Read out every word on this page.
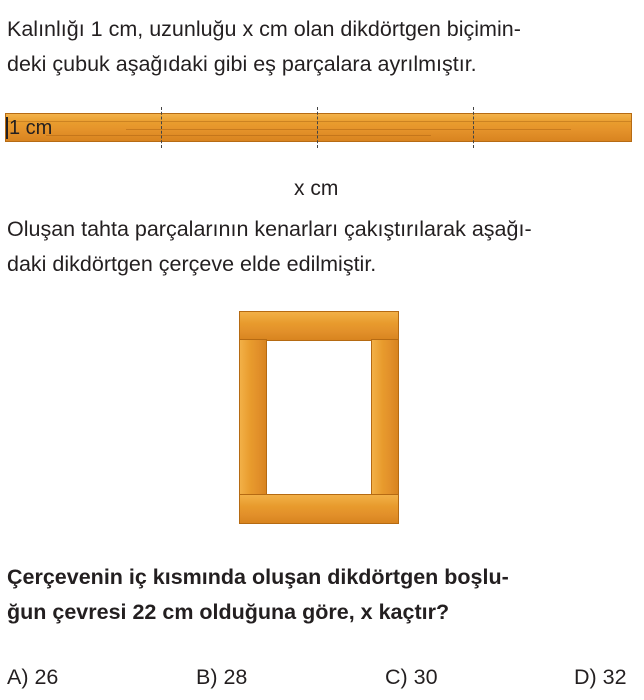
Kalınlığı 1 cm, uzunluğu x cm olan dikdörtgen biçimin-
deki çubuk aşağıdaki gibi eş parçalara ayrılmıştır.

1 cm
x cm

Oluşan tahta parçalarının kenarları çakıştırılarak aşağı-
daki dikdörtgen çerçeve elde edilmiştir.

Çerçevenin iç kısmında oluşan dikdörtgen boşlu-
ğun çevresi 22 cm olduğuna göre, x kaçtır?

A) 26	B) 28	C) 30	D) 32
